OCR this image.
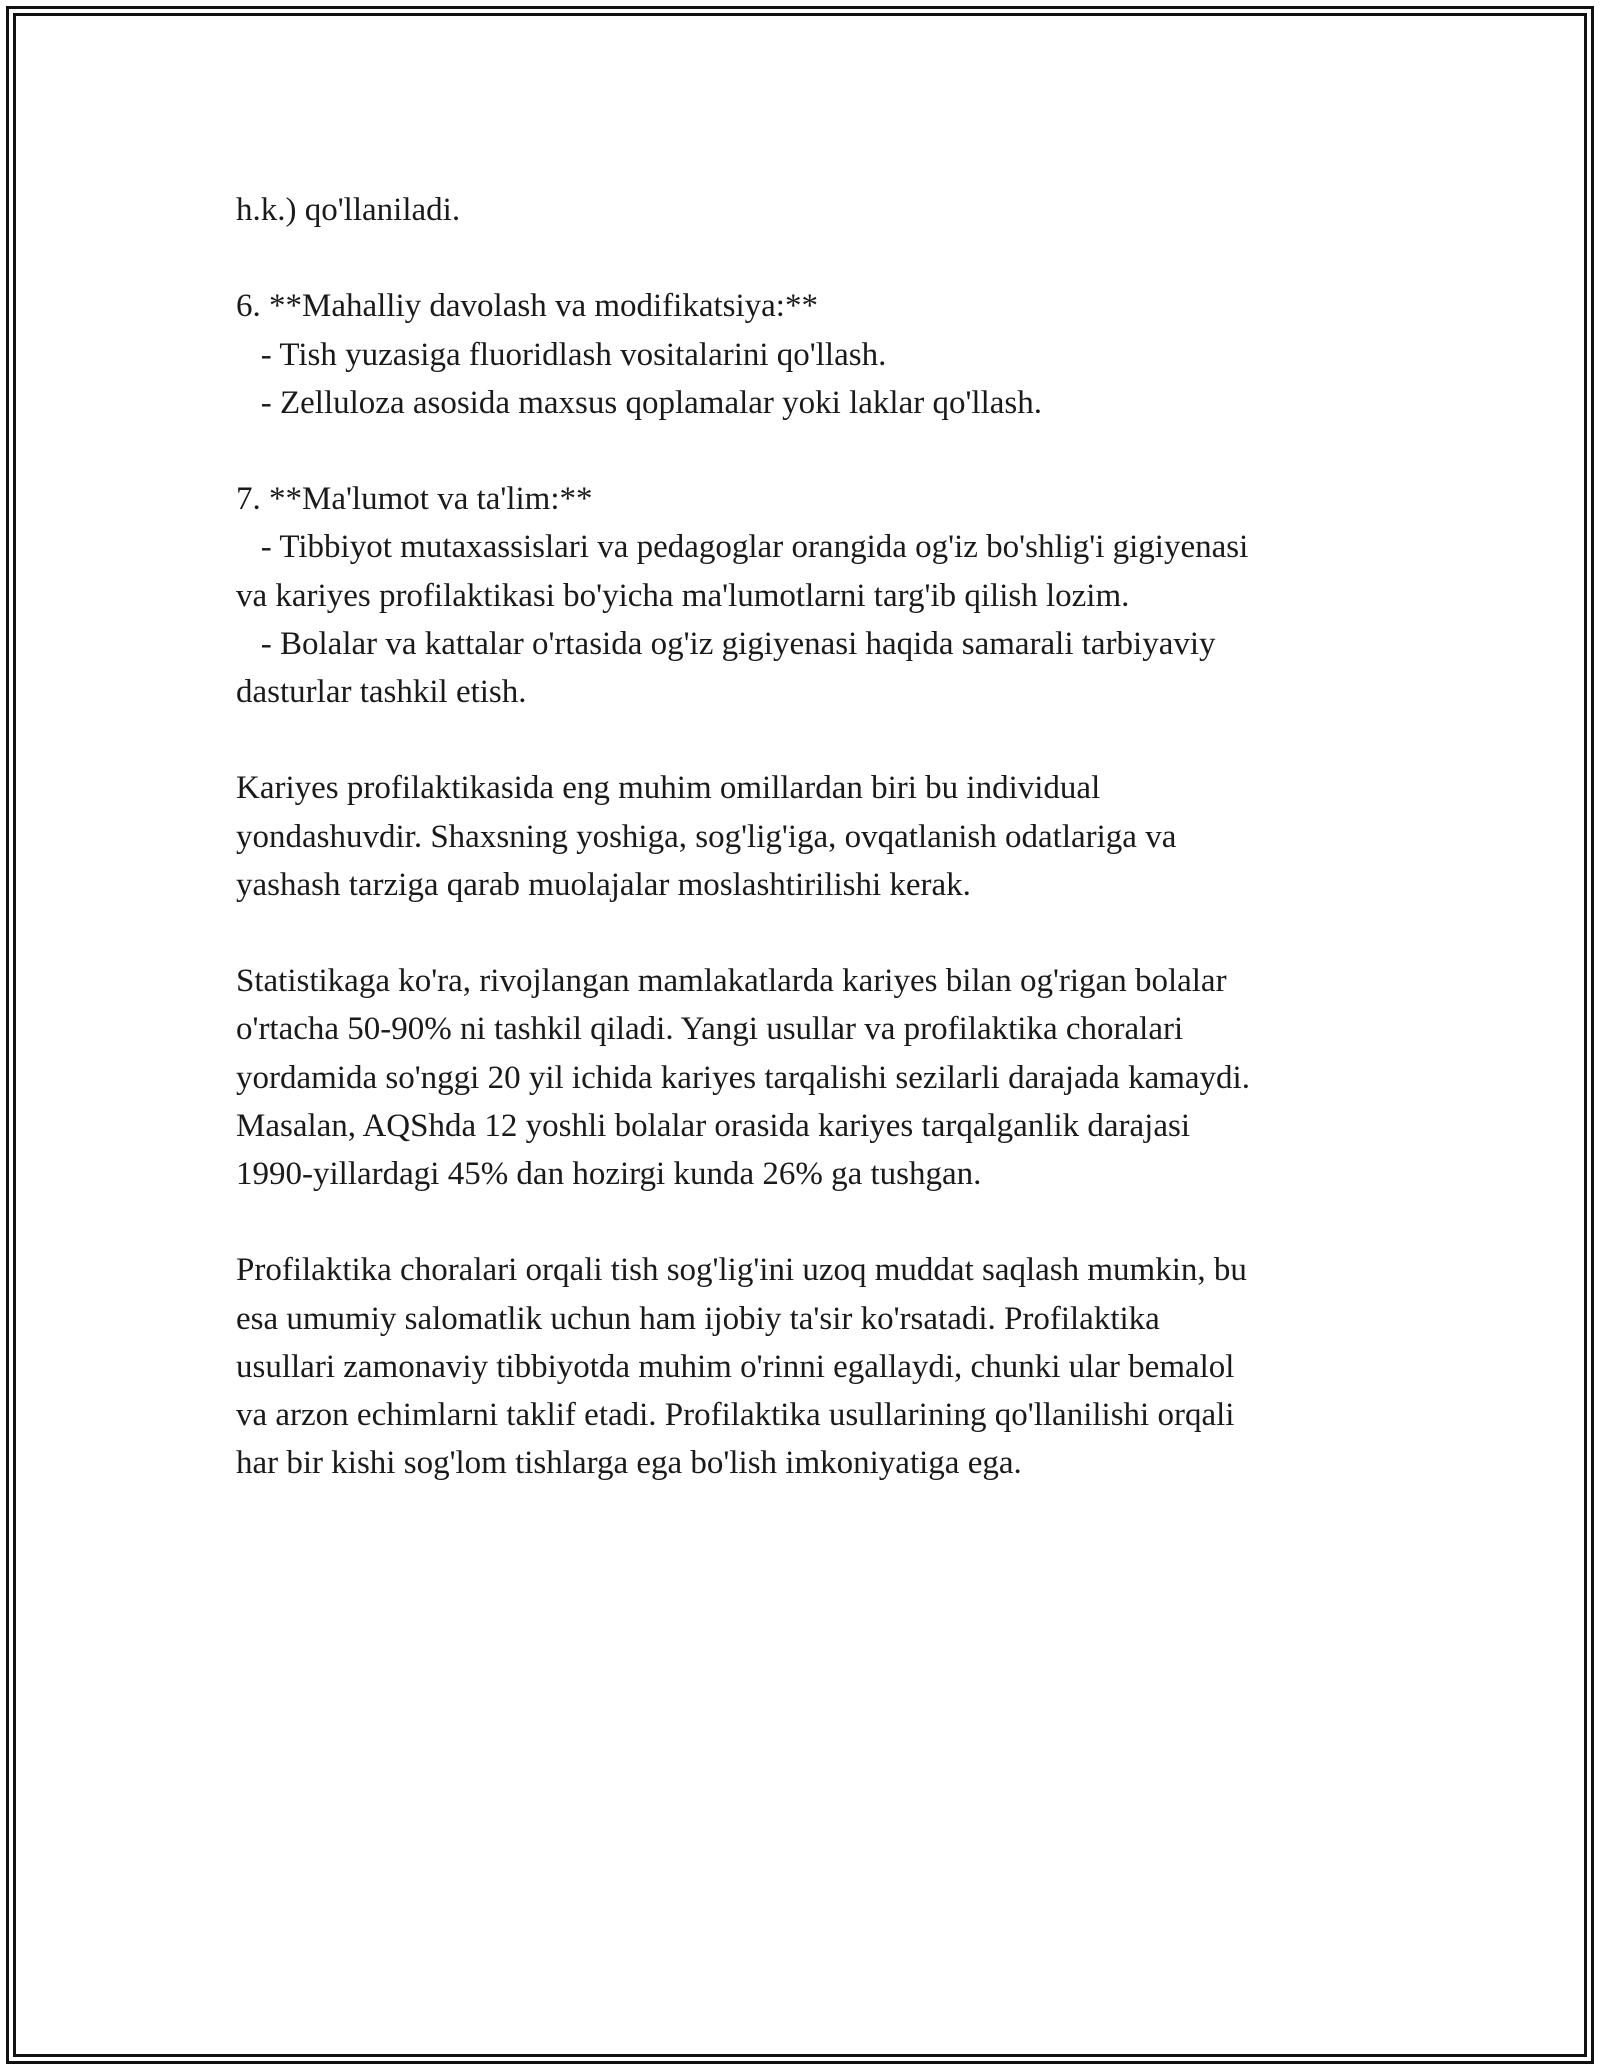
h.k.) qo'llaniladi.

6. **Mahalliy davolash va modifikatsiya:**

- Tish yuzasiga fluoridlash vositalarini qo'llash.

- Zelluloza asosida maxsus qoplamalar yoki laklar qo'llash.

7. **Ma'lumot va ta'lim:**

- Tibbiyot mutaxassislari va pedagoglar orangida og'iz bo'shlig'i gigiyenasi

va kariyes profilaktikasi bo'yicha ma'lumotlarni targ'ib qilish lozim.

- Bolalar va kattalar o'rtasida og'iz gigiyenasi haqida samarali tarbiyaviy

dasturlar tashkil etish.

Kariyes profilaktikasida eng muhim omillardan biri bu individual

yondashuvdir. Shaxsning yoshiga, sog'lig'iga, ovqatlanish odatlariga va

yashash tarziga qarab muolajalar moslashtirilishi kerak.

Statistikaga ko'ra, rivojlangan mamlakatlarda kariyes bilan og'rigan bolalar

o'rtacha 50-90% ni tashkil qiladi. Yangi usullar va profilaktika choralari

yordamida so'nggi 20 yil ichida kariyes tarqalishi sezilarli darajada kamaydi.

Masalan, AQShda 12 yoshli bolalar orasida kariyes tarqalganlik darajasi

1990-yillardagi 45% dan hozirgi kunda 26% ga tushgan.

Profilaktika choralari orqali tish sog'lig'ini uzoq muddat saqlash mumkin, bu

esa umumiy salomatlik uchun ham ijobiy ta'sir ko'rsatadi. Profilaktika

usullari zamonaviy tibbiyotda muhim o'rinni egallaydi, chunki ular bemalol

va arzon echimlarni taklif etadi. Profilaktika usullarining qo'llanilishi orqali

har bir kishi sog'lom tishlarga ega bo'lish imkoniyatiga ega.
